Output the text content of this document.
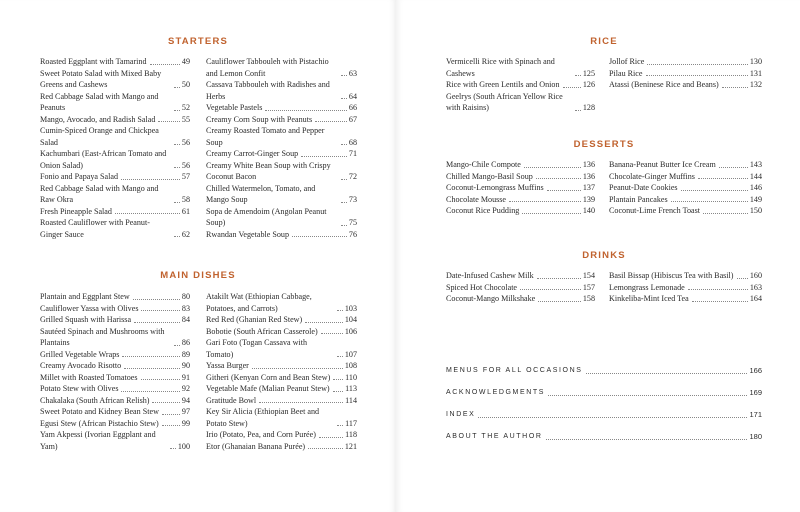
STARTERS
Roasted Eggplant with Tamarind	49
Sweet Potato Salad with Mixed Baby Greens and Cashews	50
Red Cabbage Salad with Mango and Peanuts	52
Mango, Avocado, and Radish Salad	55
Cumin-Spiced Orange and Chickpea Salad	56
Kachumbari (East-African Tomato and Onion Salad)	56
Fonio and Papaya Salad	57
Red Cabbage Salad with Mango and Raw Okra	58
Fresh Pineapple Salad	61
Roasted Cauliflower with Peanut-Ginger Sauce	62
Cauliflower Tabbouleh with Pistachio and Lemon Confit	63
Cassava Tabbouleh with Radishes and Herbs	64
Vegetable Pastels	66
Creamy Corn Soup with Peanuts	67
Creamy Roasted Tomato and Pepper Soup	68
Creamy Carrot-Ginger Soup	71
Creamy White Bean Soup with Crispy Coconut Bacon	72
Chilled Watermelon, Tomato, and Mango Soup	73
Sopa de Amendoim (Angolan Peanut Soup)	75
Rwandan Vegetable Soup	76
MAIN DISHES
Plantain and Eggplant Stew	80
Cauliflower Yassa with Olives	83
Grilled Squash with Harissa	84
Sautéed Spinach and Mushrooms with Plantains	86
Grilled Vegetable Wraps	89
Creamy Avocado Risotto	90
Millet with Roasted Tomatoes	91
Potato Stew with Olives	92
Chakalaka (South African Relish)	94
Sweet Potato and Kidney Bean Stew	97
Egusi Stew (African Pistachio Stew)	99
Yam Akpessi (Ivorian Eggplant and Yam)	100
Atakilt Wat (Ethiopian Cabbage, Potatoes, and Carrots)	103
Red Red (Ghanian Red Stew)	104
Bobotie (South African Casserole)	106
Gari Foto (Togan Cassava with Tomato)	107
Yassa Burger	108
Githeri (Kenyan Corn and Bean Stew) 110
Vegetable Mafe (Malian Peanut Stew) 113
Gratitude Bowl	114
Key Sir Alicia (Ethiopian Beet and Potato Stew)	117
Irio (Potato, Pea, and Corn Purée)	118
Etor (Ghanaian Banana Purée)	121
RICE
Vermicelli Rice with Spinach and Cashews	125
Rice with Green Lentils and Onion	126
Geelrys (South African Yellow Rice with Raisins)	128
Jollof Rice	130
Pilau Rice	131
Atassi (Beninese Rice and Beans)	132
DESSERTS
Mango-Chile Compote	136
Chilled Mango-Basil Soup	136
Coconut-Lemongrass Muffins	137
Chocolate Mousse	139
Coconut Rice Pudding	140
Banana-Peanut Butter Ice Cream	143
Chocolate-Ginger Muffins	144
Peanut-Date Cookies	146
Plantain Pancakes	149
Coconut-Lime French Toast	150
DRINKS
Date-Infused Cashew Milk	154
Spiced Hot Chocolate	157
Coconut-Mango Milkshake	158
Basil Bissap (Hibiscus Tea with Basil) 160
Lemongrass Lemonade	163
Kinkeliba-Mint Iced Tea	164
MENUS FOR ALL OCCASIONS	166
ACKNOWLEDGMENTS	169
INDEX	171
ABOUT THE AUTHOR	180
